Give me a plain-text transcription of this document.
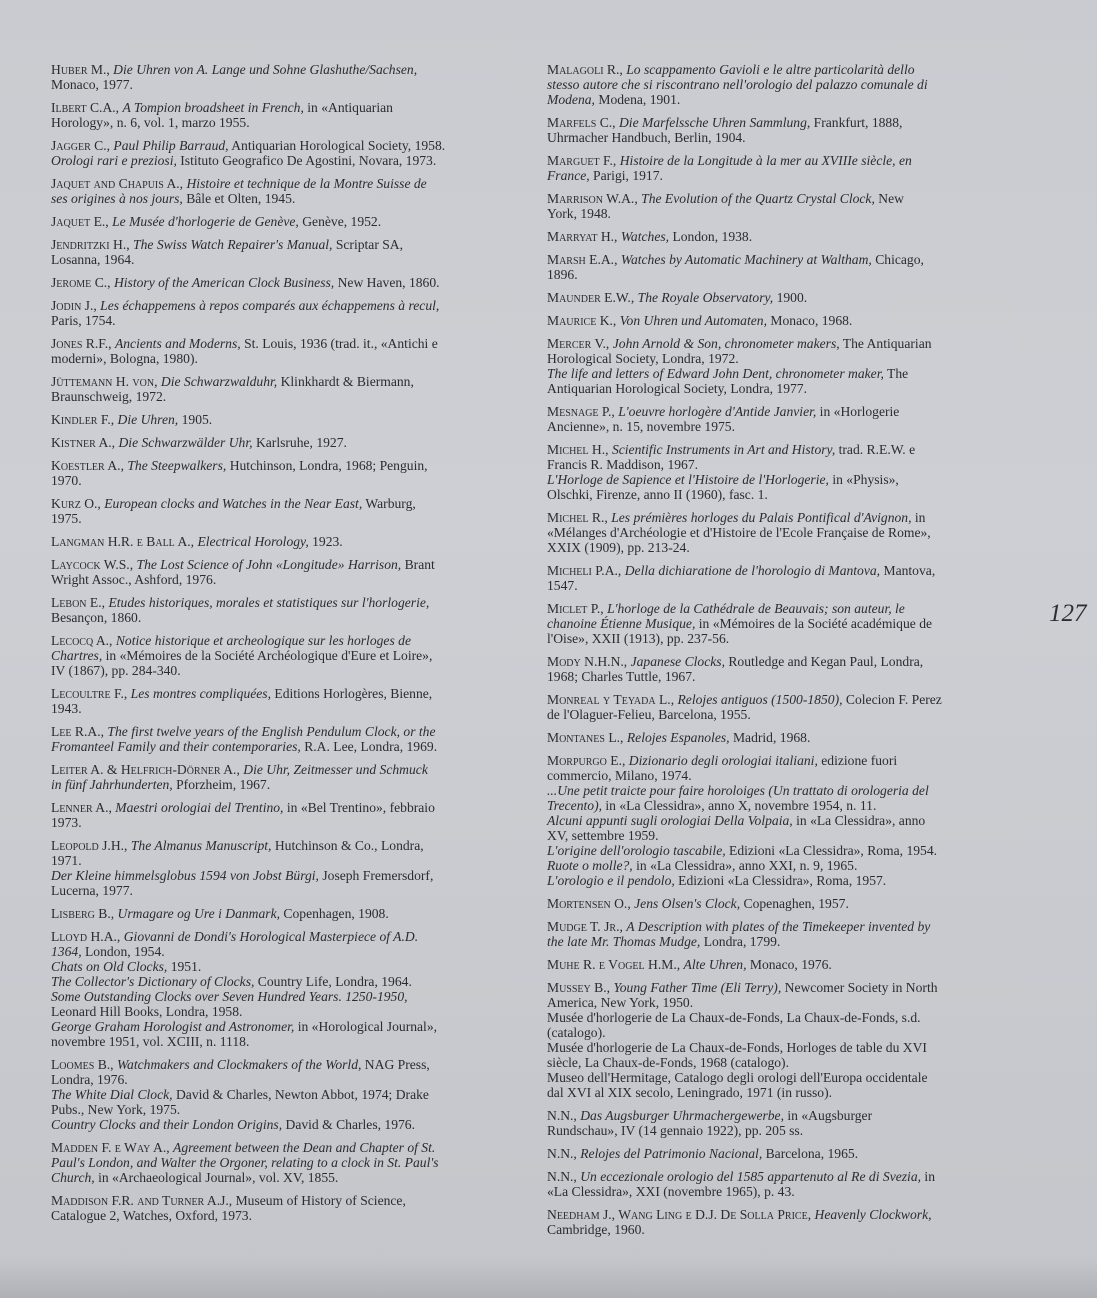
Huber M., Die Uhren von A. Lange und Sohne Glashuthe/Sachsen,
Monaco, 1977.
Ilbert C.A., A Tompion broadsheet in French, in «Antiquarian
Horology», n. 6, vol. 1, marzo 1955.
Jagger C., Paul Philip Barraud, Antiquarian Horological Society, 1958.
Orologi rari e preziosi, Istituto Geografico De Agostini, Novara, 1973.
Jaquet and Chapuis A., Histoire et technique de la Montre Suisse de
ses origines à nos jours, Bâle et Olten, 1945.
Jaquet E., Le Musée d'horlogerie de Genève, Genève, 1952.
Jendritzki H., The Swiss Watch Repairer's Manual, Scriptar SA,
Losanna, 1964.
Jerome C., History of the American Clock Business, New Haven, 1860.
Jodin J., Les échappemens à repos comparés aux échappemens à recul,
Paris, 1754.
Jones R.F., Ancients and Moderns, St. Louis, 1936 (trad. it., «Antichi e
moderni», Bologna, 1980).
Jüttemann H. von, Die Schwarzwalduhr, Klinkhardt & Biermann,
Braunschweig, 1972.
Kindler F., Die Uhren, 1905.
Kistner A., Die Schwarzwälder Uhr, Karlsruhe, 1927.
Koestler A., The Steepwalkers, Hutchinson, Londra, 1968; Penguin,
1970.
Kurz O., European clocks and Watches in the Near East, Warburg,
1975.
Langman H.R. e Ball A., Electrical Horology, 1923.
Laycock W.S., The Lost Science of John «Longitude» Harrison, Brant
Wright Assoc., Ashford, 1976.
Lebon E., Etudes historiques, morales et statistiques sur l'horlogerie,
Besançon, 1860.
Lecocq A., Notice historique et archeologique sur les horloges de
Chartres, in «Mémoires de la Société Archéologique d'Eure et Loire»,
IV (1867), pp. 284-340.
Lecoultre F., Les montres compliquées, Editions Horlogères, Bienne,
1943.
Lee R.A., The first twelve years of the English Pendulum Clock, or the
Fromanteel Family and their contemporaries, R.A. Lee, Londra, 1969.
Leiter A. & Helfrich-Dörner A., Die Uhr, Zeitmesser und Schmuck
in fünf Jahrhunderten, Pforzheim, 1967.
Lenner A., Maestri orologiai del Trentino, in «Bel Trentino», febbraio
1973.
Leopold J.H., The Almanus Manuscript, Hutchinson & Co., Londra,
1971.
Der Kleine himmelsglobus 1594 von Jobst Bürgi, Joseph Fremersdorf,
Lucerna, 1977.
Lisberg B., Urmagare og Ure i Danmark, Copenhagen, 1908.
Lloyd H.A., Giovanni de Dondi's Horological Masterpiece of A.D.
1364, London, 1954.
Chats on Old Clocks, 1951.
The Collector's Dictionary of Clocks, Country Life, Londra, 1964.
Some Outstanding Clocks over Seven Hundred Years. 1250-1950,
Leonard Hill Books, Londra, 1958.
George Graham Horologist and Astronomer, in «Horological Journal»,
novembre 1951, vol. XCIII, n. 1118.
Loomes B., Watchmakers and Clockmakers of the World, NAG Press,
Londra, 1976.
The White Dial Clock, David & Charles, Newton Abbot, 1974; Drake
Pubs., New York, 1975.
Country Clocks and their London Origins, David & Charles, 1976.
Madden F. e Way A., Agreement between the Dean and Chapter of St.
Paul's London, and Walter the Orgoner, relating to a clock in St. Paul's
Church, in «Archaeological Journal», vol. XV, 1855.
Maddison F.R. and Turner A.J., Museum of History of Science,
Catalogue 2, Watches, Oxford, 1973.
Malagoli R., Lo scappamento Gavioli e le altre particolarità dello
stesso autore che si riscontrano nell'orologio del palazzo comunale di
Modena, Modena, 1901.
Marfels C., Die Marfelssche Uhren Sammlung, Frankfurt, 1888,
Uhrmacher Handbuch, Berlin, 1904.
Marguet F., Histoire de la Longitude à la mer au XVIIIe siècle, en
France, Parigi, 1917.
Marrison W.A., The Evolution of the Quartz Crystal Clock, New
York, 1948.
Marryat H., Watches, London, 1938.
Marsh E.A., Watches by Automatic Machinery at Waltham, Chicago,
1896.
Maunder E.W., The Royale Observatory, 1900.
Maurice K., Von Uhren und Automaten, Monaco, 1968.
Mercer V., John Arnold & Son, chronometer makers, The Antiquarian
Horological Society, Londra, 1972.
The life and letters of Edward John Dent, chronometer maker, The
Antiquarian Horological Society, Londra, 1977.
Mesnage P., L'oeuvre horlogère d'Antide Janvier, in «Horlogerie
Ancienne», n. 15, novembre 1975.
Michel H., Scientific Instruments in Art and History, trad. R.E.W. e
Francis R. Maddison, 1967.
L'Horloge de Sapience et l'Histoire de l'Horlogerie, in «Physis»,
Olschki, Firenze, anno II (1960), fasc. 1.
Michel R., Les prémières horloges du Palais Pontifical d'Avignon, in
«Mélanges d'Archéologie et d'Histoire de l'Ecole Française de Rome»,
XXIX (1909), pp. 213-24.
Micheli P.A., Della dichiaratione de l'horologio di Mantova, Mantova,
1547.
Miclet P., L'horloge de la Cathédrale de Beauvais; son auteur, le
chanoine Étienne Musique, in «Mémoires de la Société académique de
l'Oise», XXII (1913), pp. 237-56.
Mody N.H.N., Japanese Clocks, Routledge and Kegan Paul, Londra,
1968; Charles Tuttle, 1967.
Monreal y Teyada L., Relojes antiguos (1500-1850), Colecion F. Perez
de l'Olaguer-Felieu, Barcelona, 1955.
Montanes L., Relojes Espanoles, Madrid, 1968.
Morpurgo E., Dizionario degli orologiai italiani, edizione fuori
commercio, Milano, 1974.
...Une petit traicte pour faire horoloiges (Un trattato di orologeria del
Trecento), in «La Clessidra», anno X, novembre 1954, n. 11.
Alcuni appunti sugli orologiai Della Volpaia, in «La Clessidra», anno
XV, settembre 1959.
L'origine dell'orologio tascabile, Edizioni «La Clessidra», Roma, 1954.
Ruote o molle?, in «La Clessidra», anno XXI, n. 9, 1965.
L'orologio e il pendolo, Edizioni «La Clessidra», Roma, 1957.
Mortensen O., Jens Olsen's Clock, Copenaghen, 1957.
Mudge T. Jr., A Description with plates of the Timekeeper invented by
the late Mr. Thomas Mudge, Londra, 1799.
Muhe R. e Vogel H.M., Alte Uhren, Monaco, 1976.
Mussey B., Young Father Time (Eli Terry), Newcomer Society in North
America, New York, 1950.
Musée d'horlogerie de La Chaux-de-Fonds, La Chaux-de-Fonds, s.d.
(catalogo).
Musée d'horlogerie de La Chaux-de-Fonds, Horloges de table du XVI
siècle, La Chaux-de-Fonds, 1968 (catalogo).
Museo dell'Hermitage, Catalogo degli orologi dell'Europa occidentale
dal XVI al XIX secolo, Leningrado, 1971 (in russo).
N.N., Das Augsburger Uhrmachergewerbe, in «Augsburger
Rundschau», IV (14 gennaio 1922), pp. 205 ss.
N.N., Relojes del Patrimonio Nacional, Barcelona, 1965.
N.N., Un eccezionale orologio del 1585 appartenuto al Re di Svezia, in
«La Clessidra», XXI (novembre 1965), p. 43.
Needham J., Wang Ling e D.J. De Solla Price, Heavenly Clockwork,
Cambridge, 1960.
127
